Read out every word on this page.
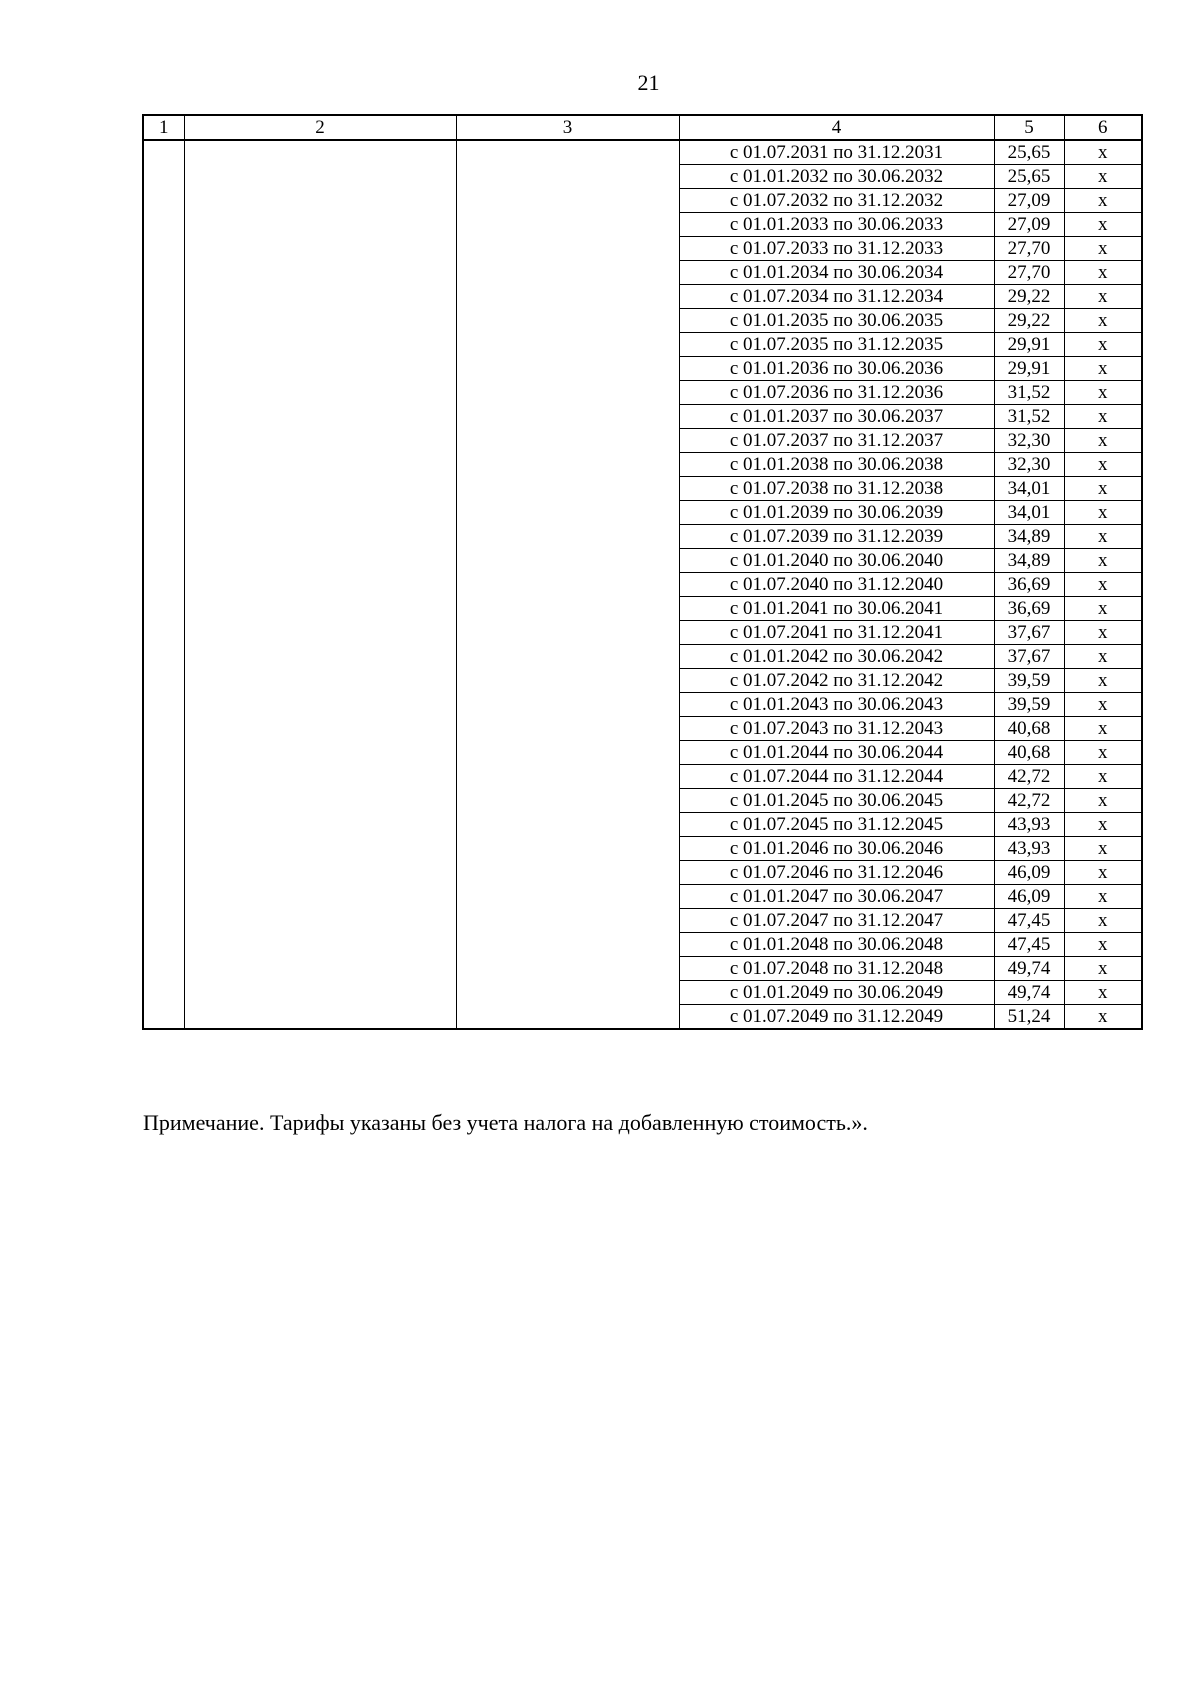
21
1	2	3	4	5	6
			с 01.07.2031 по 31.12.2031	25,65	х
			с 01.01.2032 по 30.06.2032	25,65	х
			с 01.07.2032 по 31.12.2032	27,09	х
			с 01.01.2033 по 30.06.2033	27,09	х
			с 01.07.2033 по 31.12.2033	27,70	х
			с 01.01.2034 по 30.06.2034	27,70	х
			с 01.07.2034 по 31.12.2034	29,22	х
			с 01.01.2035 по 30.06.2035	29,22	х
			с 01.07.2035 по 31.12.2035	29,91	х
			с 01.01.2036 по 30.06.2036	29,91	х
			с 01.07.2036 по 31.12.2036	31,52	х
			с 01.01.2037 по 30.06.2037	31,52	х
			с 01.07.2037 по 31.12.2037	32,30	х
			с 01.01.2038 по 30.06.2038	32,30	х
			с 01.07.2038 по 31.12.2038	34,01	х
			с 01.01.2039 по 30.06.2039	34,01	х
			с 01.07.2039 по 31.12.2039	34,89	х
			с 01.01.2040 по 30.06.2040	34,89	х
			с 01.07.2040 по 31.12.2040	36,69	х
			с 01.01.2041 по 30.06.2041	36,69	х
			с 01.07.2041 по 31.12.2041	37,67	х
			с 01.01.2042 по 30.06.2042	37,67	х
			с 01.07.2042 по 31.12.2042	39,59	х
			с 01.01.2043 по 30.06.2043	39,59	х
			с 01.07.2043 по 31.12.2043	40,68	х
			с 01.01.2044 по 30.06.2044	40,68	х
			с 01.07.2044 по 31.12.2044	42,72	х
			с 01.01.2045 по 30.06.2045	42,72	х
			с 01.07.2045 по 31.12.2045	43,93	х
			с 01.01.2046 по 30.06.2046	43,93	х
			с 01.07.2046 по 31.12.2046	46,09	х
			с 01.01.2047 по 30.06.2047	46,09	х
			с 01.07.2047 по 31.12.2047	47,45	х
			с 01.01.2048 по 30.06.2048	47,45	х
			с 01.07.2048 по 31.12.2048	49,74	х
			с 01.01.2049 по 30.06.2049	49,74	х
			с 01.07.2049 по 31.12.2049	51,24	х
Примечание. Тарифы указаны без учета налога на добавленную стоимость.».
